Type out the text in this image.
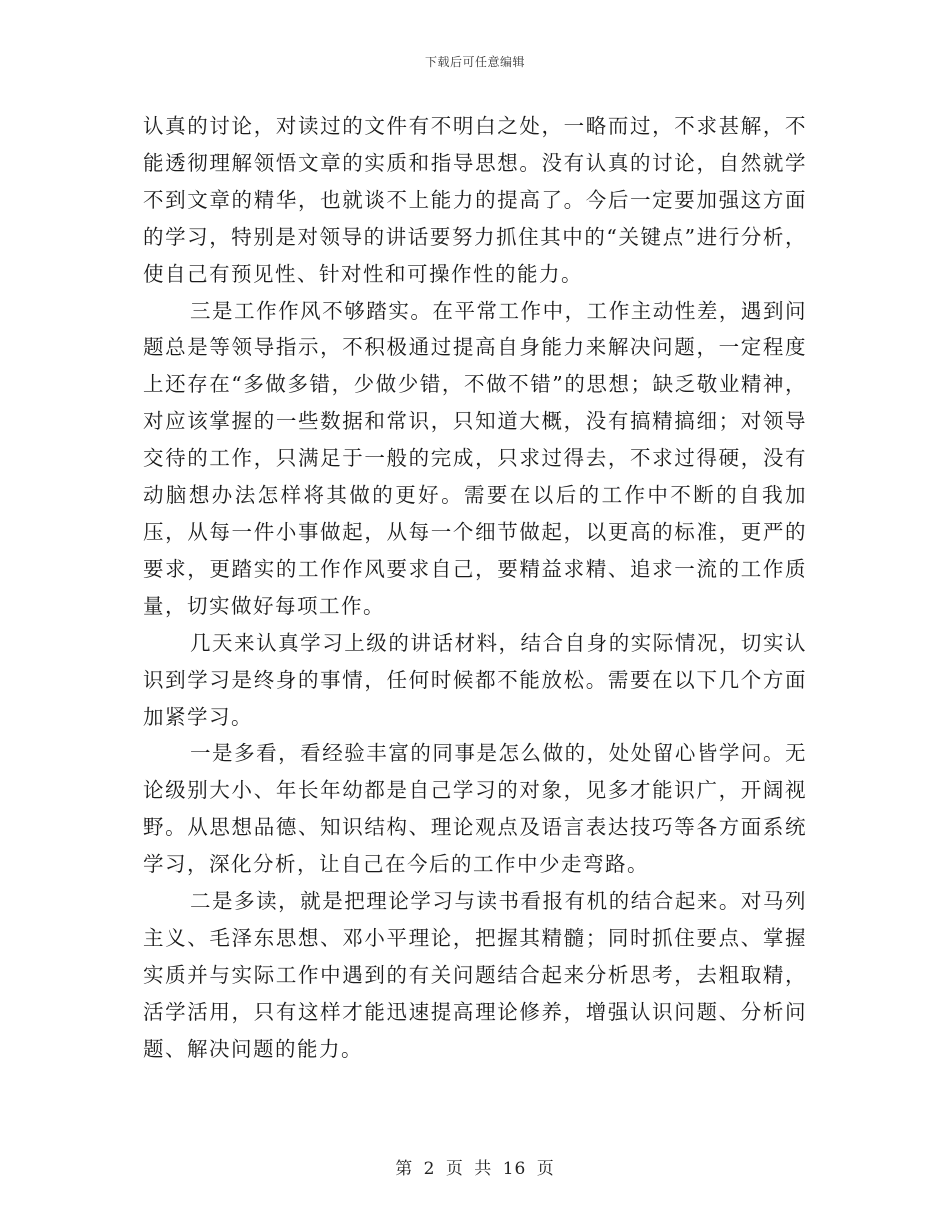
下载后可任意编辑

认真的讨论，对读过的文件有不明白之处，一略而过，不求甚解，不能透彻理解领悟文章的实质和指导思想。没有认真的讨论，自然就学不到文章的精华，也就谈不上能力的提高了。今后一定要加强这方面的学习，特别是对领导的讲话要努力抓住其中的“关键点”进行分析，使自己有预见性、针对性和可操作性的能力。

三是工作作风不够踏实。在平常工作中，工作主动性差，遇到问题总是等领导指示，不积极通过提高自身能力来解决问题，一定程度上还存在“多做多错，少做少错，不做不错”的思想；缺乏敬业精神，对应该掌握的一些数据和常识，只知道大概，没有搞精搞细；对领导交待的工作，只满足于一般的完成，只求过得去，不求过得硬，没有动脑想办法怎样将其做的更好。需要在以后的工作中不断的自我加压，从每一件小事做起，从每一个细节做起，以更高的标准，更严的要求，更踏实的工作作风要求自己，要精益求精、追求一流的工作质量，切实做好每项工作。

几天来认真学习上级的讲话材料，结合自身的实际情况，切实认识到学习是终身的事情，任何时候都不能放松。需要在以下几个方面加紧学习。

一是多看，看经验丰富的同事是怎么做的，处处留心皆学问。无论级别大小、年长年幼都是自己学习的对象，见多才能识广，开阔视野。从思想品德、知识结构、理论观点及语言表达技巧等各方面系统学习，深化分析，让自己在今后的工作中少走弯路。

二是多读，就是把理论学习与读书看报有机的结合起来。对马列主义、毛泽东思想、邓小平理论，把握其精髓；同时抓住要点、掌握实质并与实际工作中遇到的有关问题结合起来分析思考，去粗取精，活学活用，只有这样才能迅速提高理论修养，增强认识问题、分析问题、解决问题的能力。

第 2 页 共 16 页
